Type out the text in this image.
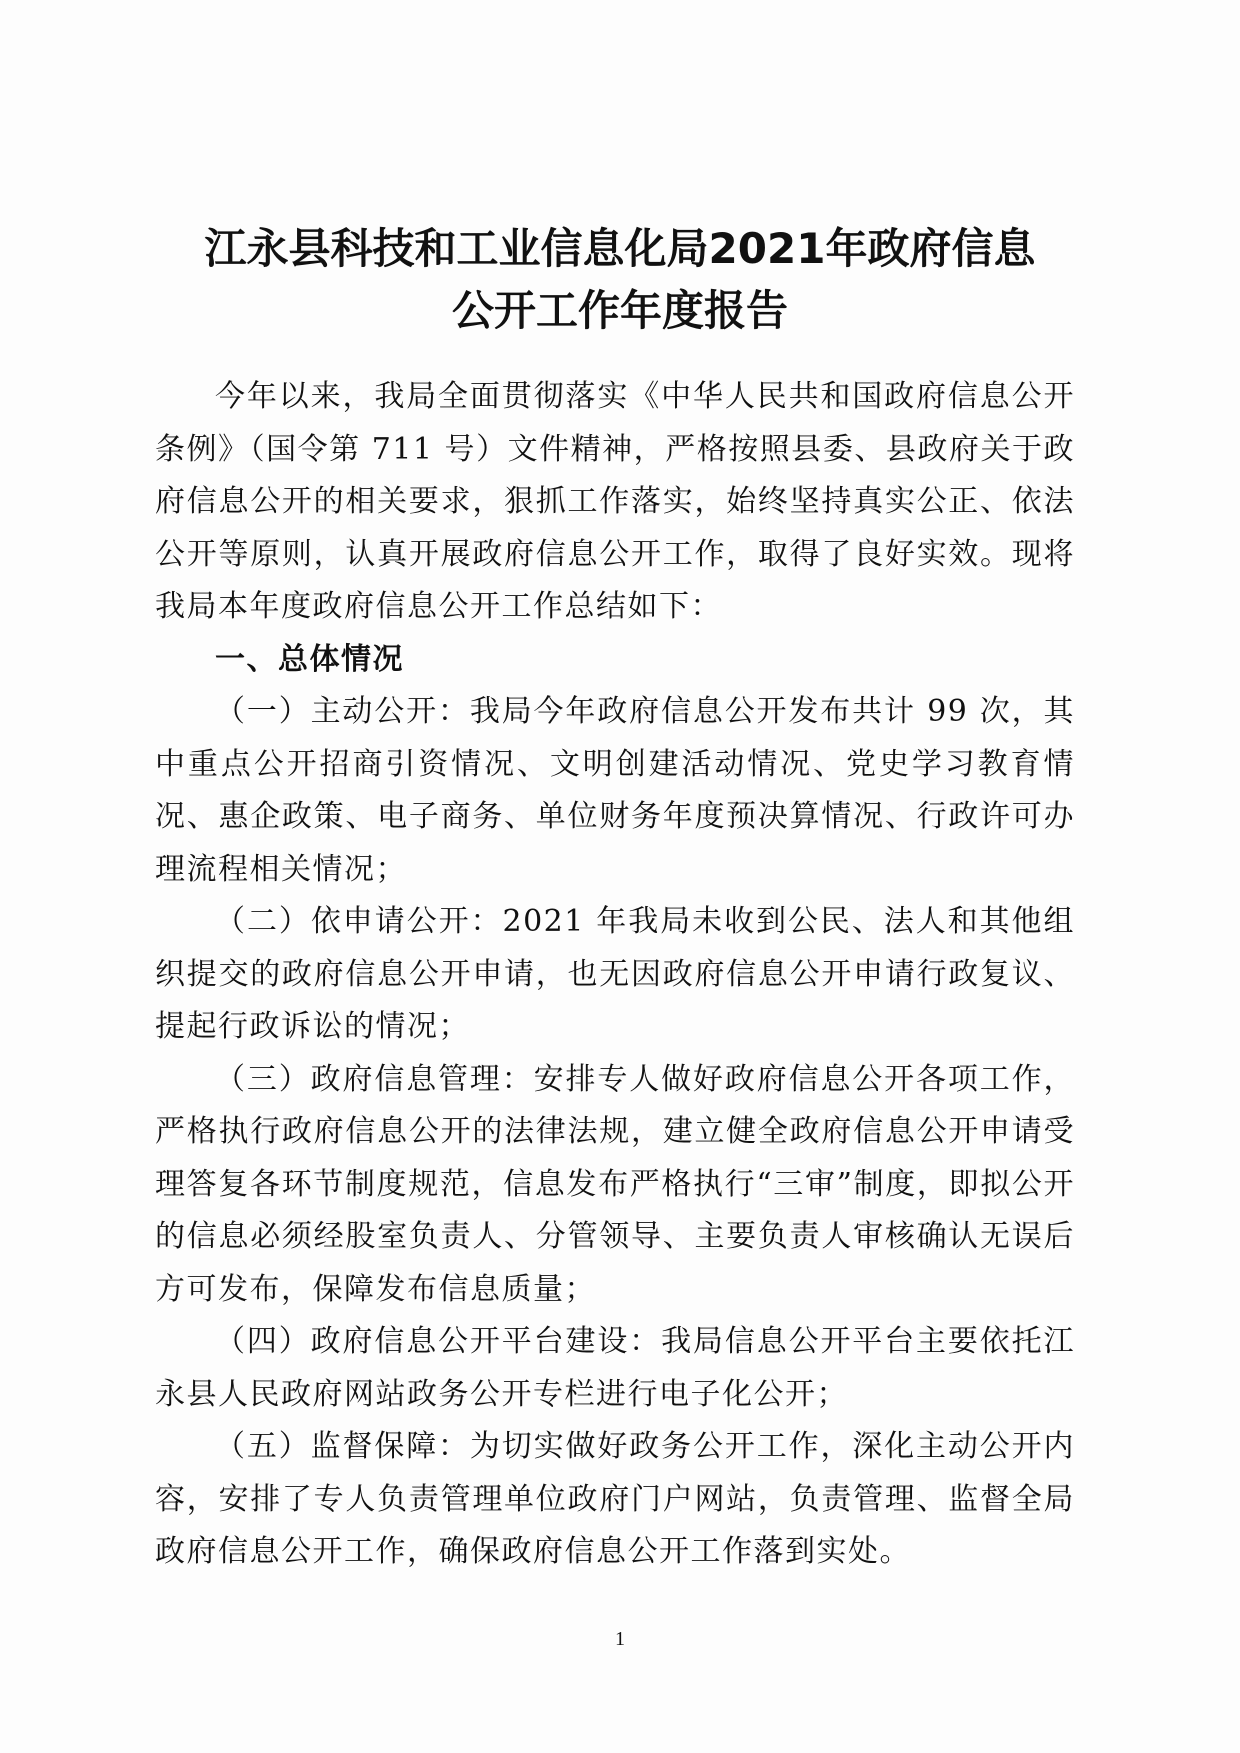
江永县科技和工业信息化局2021年政府信息
公开工作年度报告

今年以来，我局全面贯彻落实《中华人民共和国政府信息公开条例》（国令第 711 号）文件精神，严格按照县委、县政府关于政府信息公开的相关要求，狠抓工作落实，始终坚持真实公正、依法公开等原则，认真开展政府信息公开工作，取得了良好实效。现将我局本年度政府信息公开工作总结如下：

一、总体情况

（一）主动公开：我局今年政府信息公开发布共计 99 次，其中重点公开招商引资情况、文明创建活动情况、党史学习教育情况、惠企政策、电子商务、单位财务年度预决算情况、行政许可办理流程相关情况；

（二）依申请公开：2021 年我局未收到公民、法人和其他组织提交的政府信息公开申请，也无因政府信息公开申请行政复议、提起行政诉讼的情况；

（三）政府信息管理：安排专人做好政府信息公开各项工作，严格执行政府信息公开的法律法规，建立健全政府信息公开申请受理答复各环节制度规范，信息发布严格执行“三审”制度，即拟公开的信息必须经股室负责人、分管领导、主要负责人审核确认无误后方可发布，保障发布信息质量；

（四）政府信息公开平台建设：我局信息公开平台主要依托江永县人民政府网站政务公开专栏进行电子化公开；

（五）监督保障：为切实做好政务公开工作，深化主动公开内容，安排了专人负责管理单位政府门户网站，负责管理、监督全局政府信息公开工作，确保政府信息公开工作落到实处。

1
